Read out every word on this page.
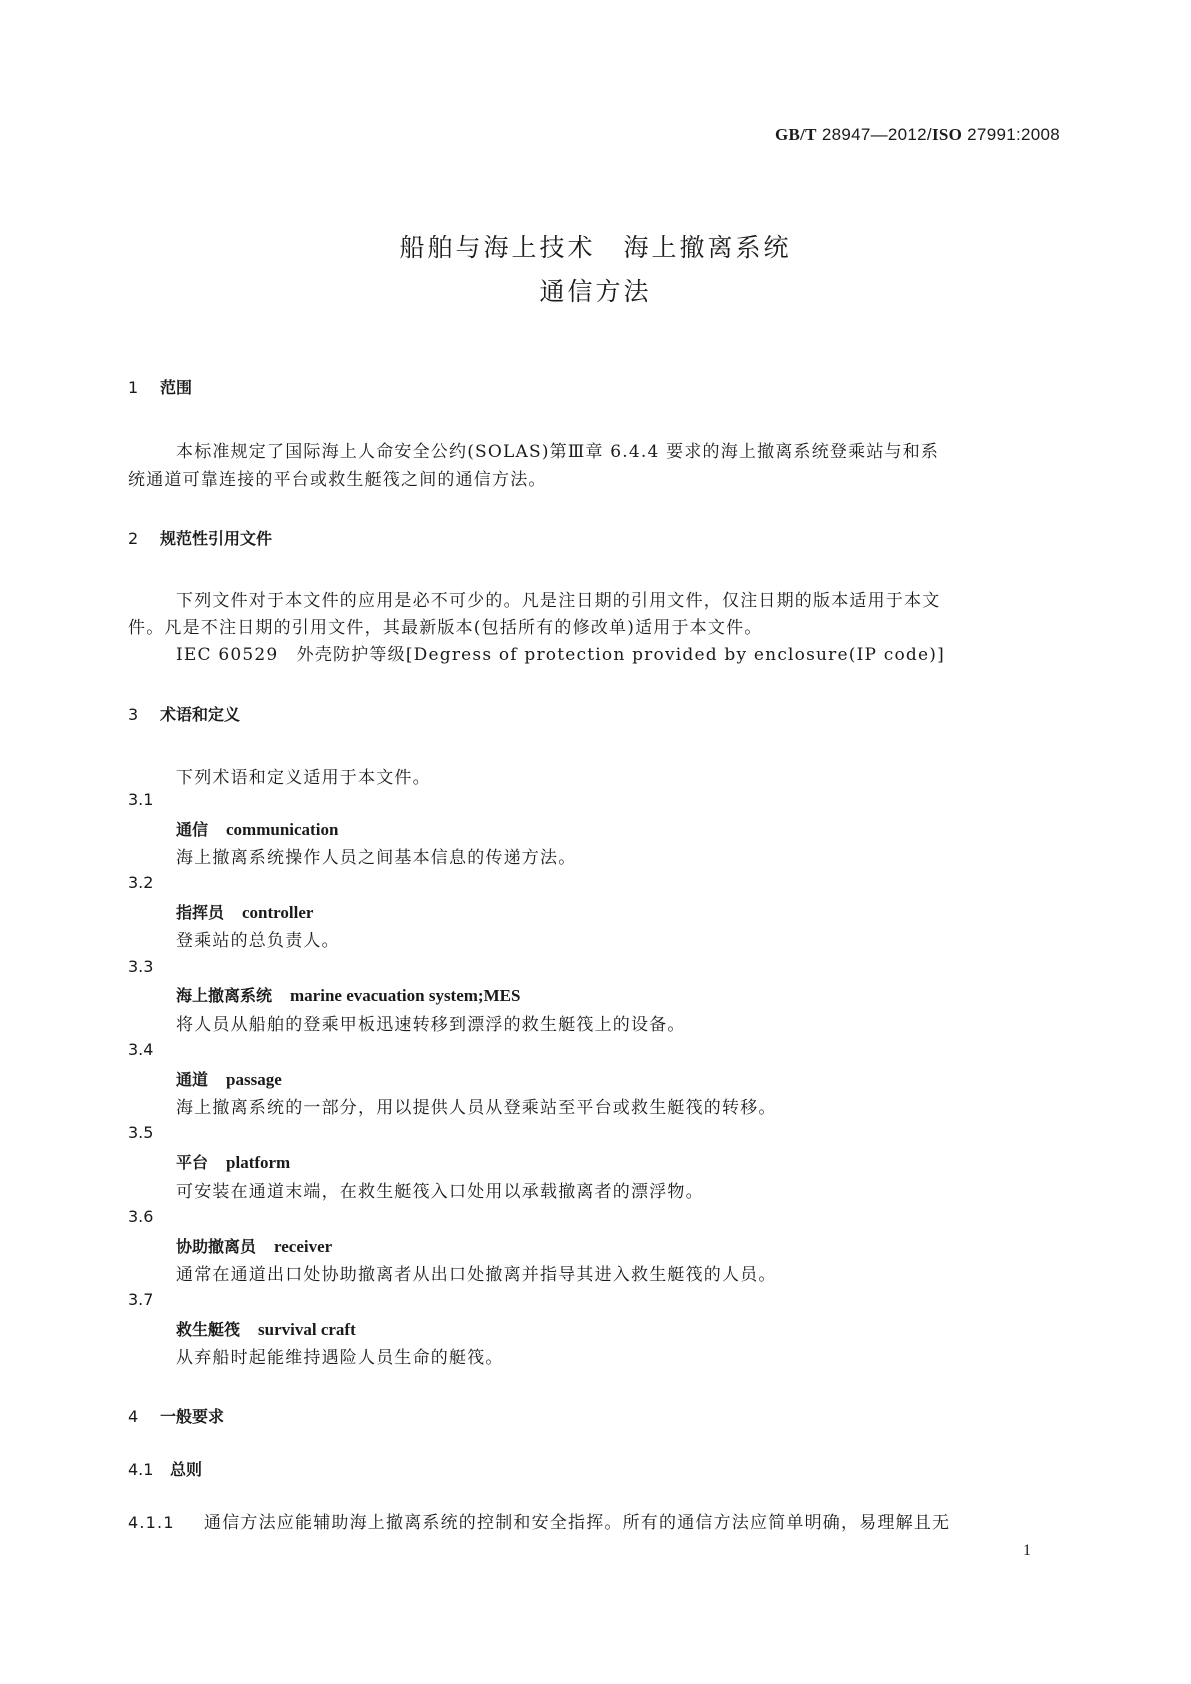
GB/T 28947—2012/ISO 27991:2008
船舶与海上技术　海上撤离系统
通信方法
1 范围
本标准规定了国际海上人命安全公约(SOLAS)第Ⅲ章 6.4.4 要求的海上撤离系统登乘站与和系
统通道可靠连接的平台或救生艇筏之间的通信方法。
2 规范性引用文件
下列文件对于本文件的应用是必不可少的。凡是注日期的引用文件，仅注日期的版本适用于本文
件。凡是不注日期的引用文件，其最新版本(包括所有的修改单)适用于本文件。
IEC 60529　外壳防护等级[Degress of protection provided by enclosure(IP code)]
3 术语和定义
下列术语和定义适用于本文件。
3.1
通信 communication
海上撤离系统操作人员之间基本信息的传递方法。
3.2
指挥员 controller
登乘站的总负责人。
3.3
海上撤离系统 marine evacuation system;MES
将人员从船舶的登乘甲板迅速转移到漂浮的救生艇筏上的设备。
3.4
通道 passage
海上撤离系统的一部分，用以提供人员从登乘站至平台或救生艇筏的转移。
3.5
平台 platform
可安装在通道末端，在救生艇筏入口处用以承载撤离者的漂浮物。
3.6
协助撤离员 receiver
通常在通道出口处协助撤离者从出口处撤离并指导其进入救生艇筏的人员。
3.7
救生艇筏 survival craft
从弃船时起能维持遇险人员生命的艇筏。
4 一般要求
4.1 总则
4.1.1 通信方法应能辅助海上撤离系统的控制和安全指挥。所有的通信方法应简单明确，易理解且无
1
